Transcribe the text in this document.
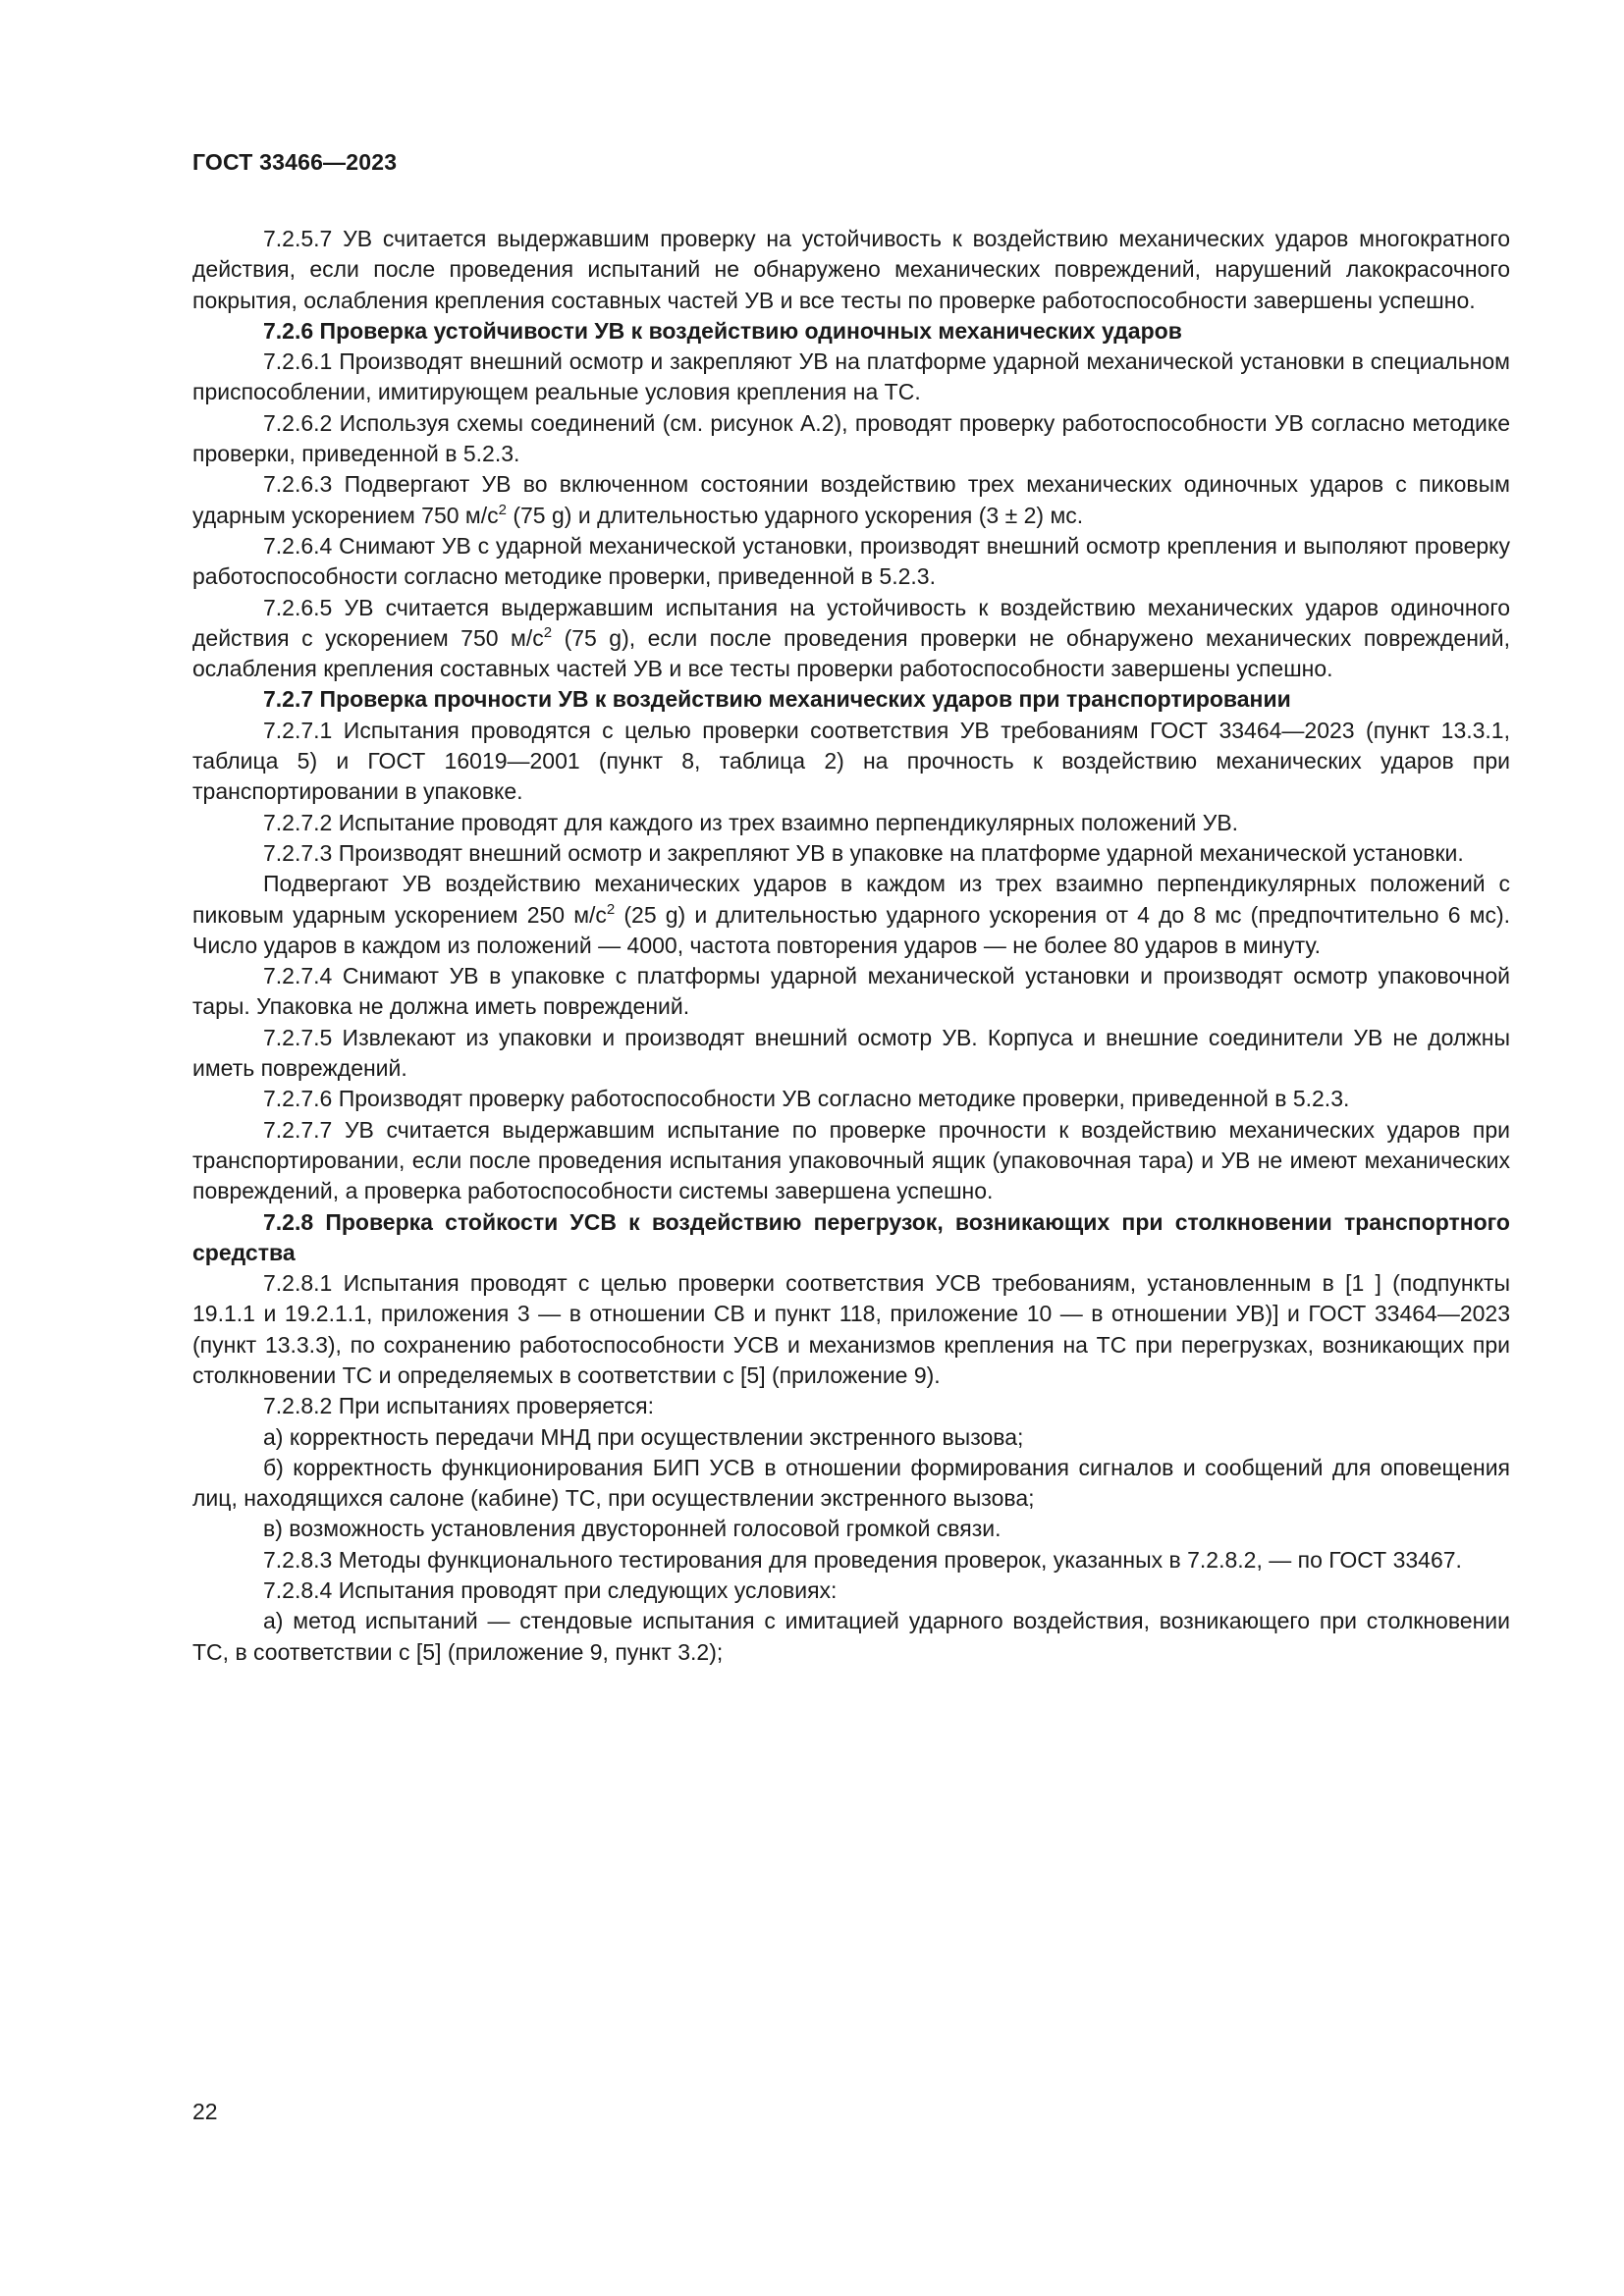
ГОСТ 33466—2023

7.2.5.7 УВ считается выдержавшим проверку на устойчивость к воздействию механических ударов многократного действия, если после проведения испытаний не обнаружено механических повреждений, нарушений лакокрасочного покрытия, ослабления крепления составных частей УВ и все тесты по проверке работоспособности завершены успешно.

7.2.6 Проверка устойчивости УВ к воздействию одиночных механических ударов

7.2.6.1 Производят внешний осмотр и закрепляют УВ на платформе ударной механической установки в специальном приспособлении, имитирующем реальные условия крепления на ТС.

7.2.6.2 Используя схемы соединений (см. рисунок А.2), проводят проверку работоспособности УВ согласно методике проверки, приведенной в 5.2.3.

7.2.6.3 Подвергают УВ во включенном состоянии воздействию трех механических одиночных ударов с пиковым ударным ускорением 750 $м/с^2$ (75 g) и длительностью ударного ускорения (3 ± 2) мс.

7.2.6.4 Снимают УВ с ударной механической установки, производят внешний осмотр крепления и выполяют проверку работоспособности согласно методике проверки, приведенной в 5.2.3.

7.2.6.5 УВ считается выдержавшим испытания на устойчивость к воздействию механических ударов одиночного действия с ускорением 750 $м/с^2$ (75 g), если после проведения проверки не обнаружено механических повреждений, ослабления крепления составных частей УВ и все тесты проверки работоспособности завершены успешно.

7.2.7 Проверка прочности УВ к воздействию механических ударов при транспортировании

7.2.7.1 Испытания проводятся с целью проверки соответствия УВ требованиям ГОСТ 33464—2023 (пункт 13.3.1, таблица 5) и ГОСТ 16019—2001 (пункт 8, таблица 2) на прочность к воздействию механических ударов при транспортировании в упаковке.

7.2.7.2 Испытание проводят для каждого из трех взаимно перпендикулярных положений УВ.

7.2.7.3 Производят внешний осмотр и закрепляют УВ в упаковке на платформе ударной механической установки.

Подвергают УВ воздействию механических ударов в каждом из трех взаимно перпендикулярных положений с пиковым ударным ускорением 250 $м/с^2$ (25 g) и длительностью ударного ускорения от 4 до 8 мс (предпочтительно 6 мс). Число ударов в каждом из положений — 4000, частота повторения ударов — не более 80 ударов в минуту.

7.2.7.4 Снимают УВ в упаковке с платформы ударной механической установки и производят осмотр упаковочной тары. Упаковка не должна иметь повреждений.

7.2.7.5 Извлекают из упаковки и производят внешний осмотр УВ. Корпуса и внешние соединители УВ не должны иметь повреждений.

7.2.7.6 Производят проверку работоспособности УВ согласно методике проверки, приведенной в 5.2.3.

7.2.7.7 УВ считается выдержавшим испытание по проверке прочности к воздействию механических ударов при транспортировании, если после проведения испытания упаковочный ящик (упаковочная тара) и УВ не имеют механических повреждений, а проверка работоспособности системы завершена успешно.

7.2.8 Проверка стойкости УСВ к воздействию перегрузок, возникающих при столкновении транспортного средства

7.2.8.1 Испытания проводят с целью проверки соответствия УСВ требованиям, установленным в [1 ] (подпункты 19.1.1 и 19.2.1.1, приложения 3 — в отношении СВ и пункт 118, приложение 10 — в отношении УВ)] и ГОСТ 33464—2023 (пункт 13.3.3), по сохранению работоспособности УСВ и механизмов крепления на ТС при перегрузках, возникающих при столкновении ТС и определяемых в соответствии с [5] (приложение 9).

7.2.8.2 При испытаниях проверяется:

а) корректность передачи МНД при осуществлении экстренного вызова;

б) корректность функционирования БИП УСВ в отношении формирования сигналов и сообщений для оповещения лиц, находящихся салоне (кабине) ТС, при осуществлении экстренного вызова;

в) возможность установления двусторонней голосовой громкой связи.

7.2.8.3 Методы функционального тестирования для проведения проверок, указанных в 7.2.8.2, — по ГОСТ 33467.

7.2.8.4 Испытания проводят при следующих условиях:

а) метод испытаний — стендовые испытания с имитацией ударного воздействия, возникающего при столкновении ТС, в соответствии с [5] (приложение 9, пункт 3.2);

22
